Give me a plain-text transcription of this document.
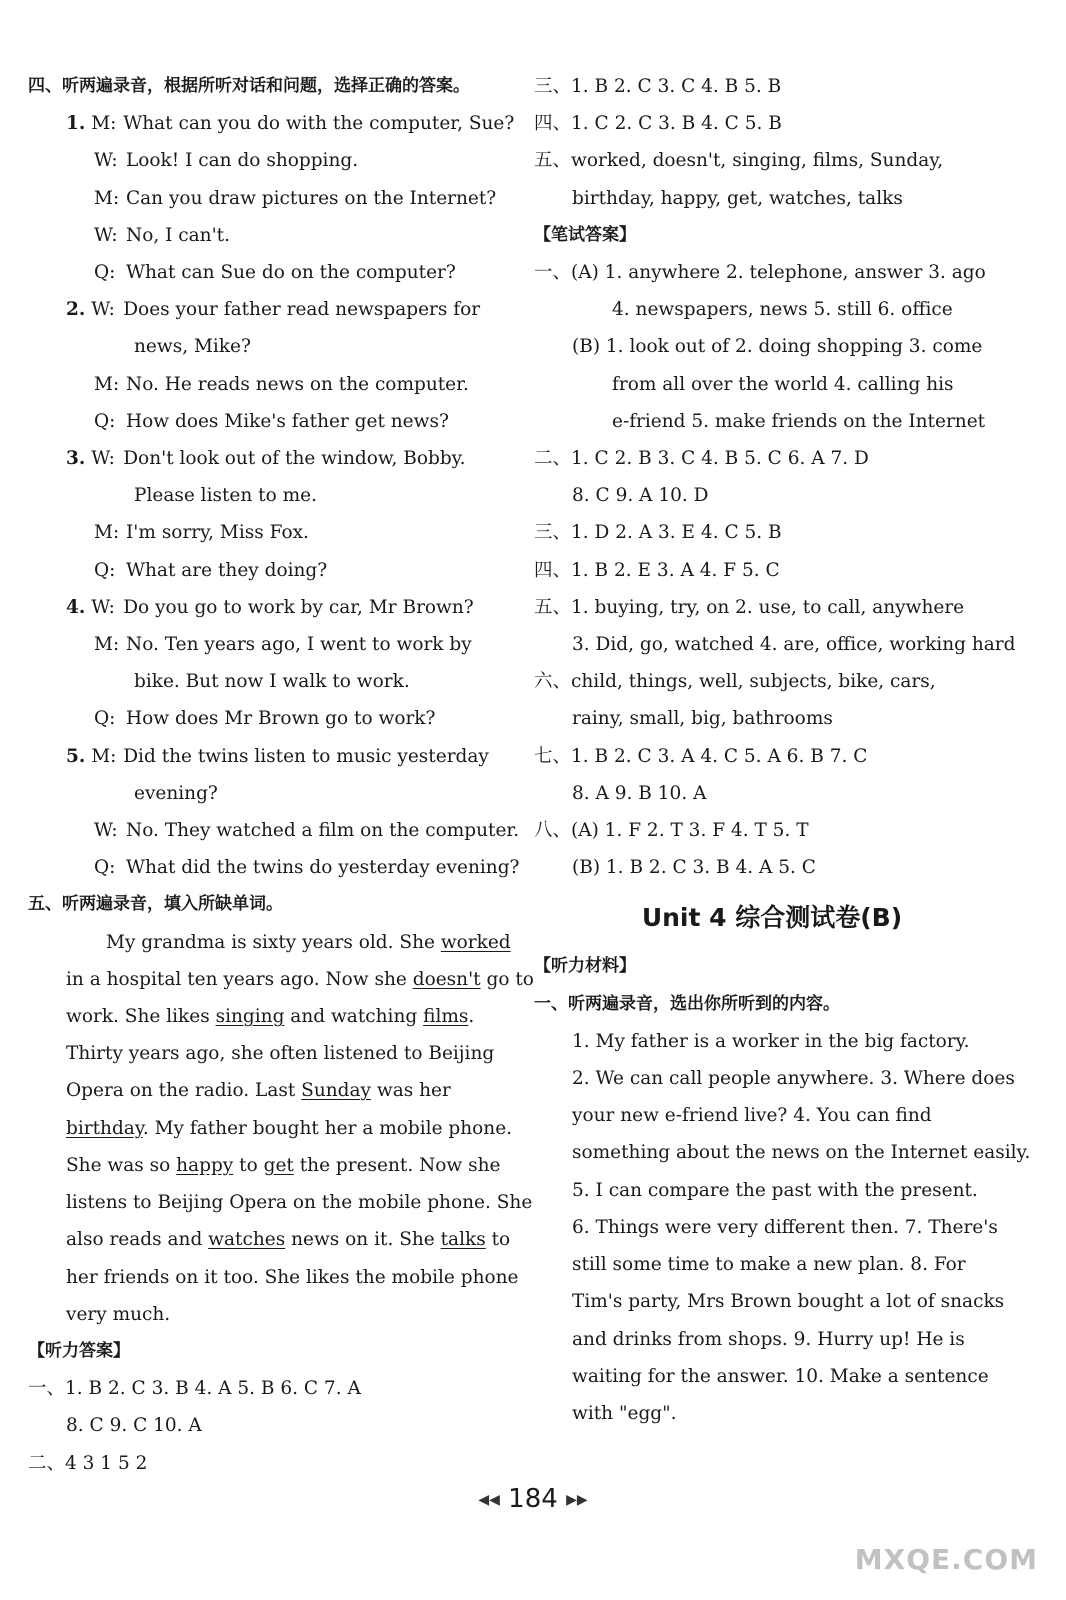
四、听两遍录音，根据所听对话和问题，选择正确的答案。
1. M: What can you do with the computer, Sue?
W: Look! I can do shopping.
M: Can you draw pictures on the Internet?
W: No, I can't.
Q: What can Sue do on the computer?
2. W: Does your father read newspapers for
news, Mike?
M: No. He reads news on the computer.
Q: How does Mike's father get news?
3. W: Don't look out of the window, Bobby.
Please listen to me.
M: I'm sorry, Miss Fox.
Q: What are they doing?
4. W: Do you go to work by car, Mr Brown?
M: No. Ten years ago, I went to work by
bike. But now I walk to work.
Q: How does Mr Brown go to work?
5. M: Did the twins listen to music yesterday
evening?
W: No. They watched a film on the computer.
Q: What did the twins do yesterday evening?
五、听两遍录音，填入所缺单词。
My grandma is sixty years old. She worked
in a hospital ten years ago. Now she doesn't go to
work. She likes singing and watching films.
Thirty years ago, she often listened to Beijing
Opera on the radio. Last Sunday was her
birthday. My father bought her a mobile phone.
She was so happy to get the present. Now she
listens to Beijing Opera on the mobile phone. She
also reads and watches news on it. She talks to
her friends on it too. She likes the mobile phone
very much.
【听力答案】
一、1. B 2. C 3. B 4. A 5. B 6. C 7. A
8. C 9. C 10. A
二、4 3 1 5 2
三、1. B 2. C 3. C 4. B 5. B
四、1. C 2. C 3. B 4. C 5. B
五、worked, doesn't, singing, films, Sunday,
birthday, happy, get, watches, talks
【笔试答案】
一、(A) 1. anywhere 2. telephone, answer 3. ago
4. newspapers, news 5. still 6. office
(B) 1. look out of 2. doing shopping 3. come
from all over the world 4. calling his
e-friend 5. make friends on the Internet
二、1. C 2. B 3. C 4. B 5. C 6. A 7. D
8. C 9. A 10. D
三、1. D 2. A 3. E 4. C 5. B
四、1. B 2. E 3. A 4. F 5. C
五、1. buying, try, on 2. use, to call, anywhere
3. Did, go, watched 4. are, office, working hard
六、child, things, well, subjects, bike, cars,
rainy, small, big, bathrooms
七、1. B 2. C 3. A 4. C 5. A 6. B 7. C
8. A 9. B 10. A
八、(A) 1. F 2. T 3. F 4. T 5. T
(B) 1. B 2. C 3. B 4. A 5. C
Unit 4 综合测试卷(B)
【听力材料】
一、听两遍录音，选出你所听到的内容。
1. My father is a worker in the big factory.
2. We can call people anywhere. 3. Where does
your new e-friend live? 4. You can find
something about the news on the Internet easily.
5. I can compare the past with the present.
6. Things were very different then. 7. There's
still some time to make a new plan. 8. For
Tim's party, Mrs Brown bought a lot of snacks
and drinks from shops. 9. Hurry up! He is
waiting for the answer. 10. Make a sentence
with "egg".
◀◀ 184 ▶▶
MXQE.COM
